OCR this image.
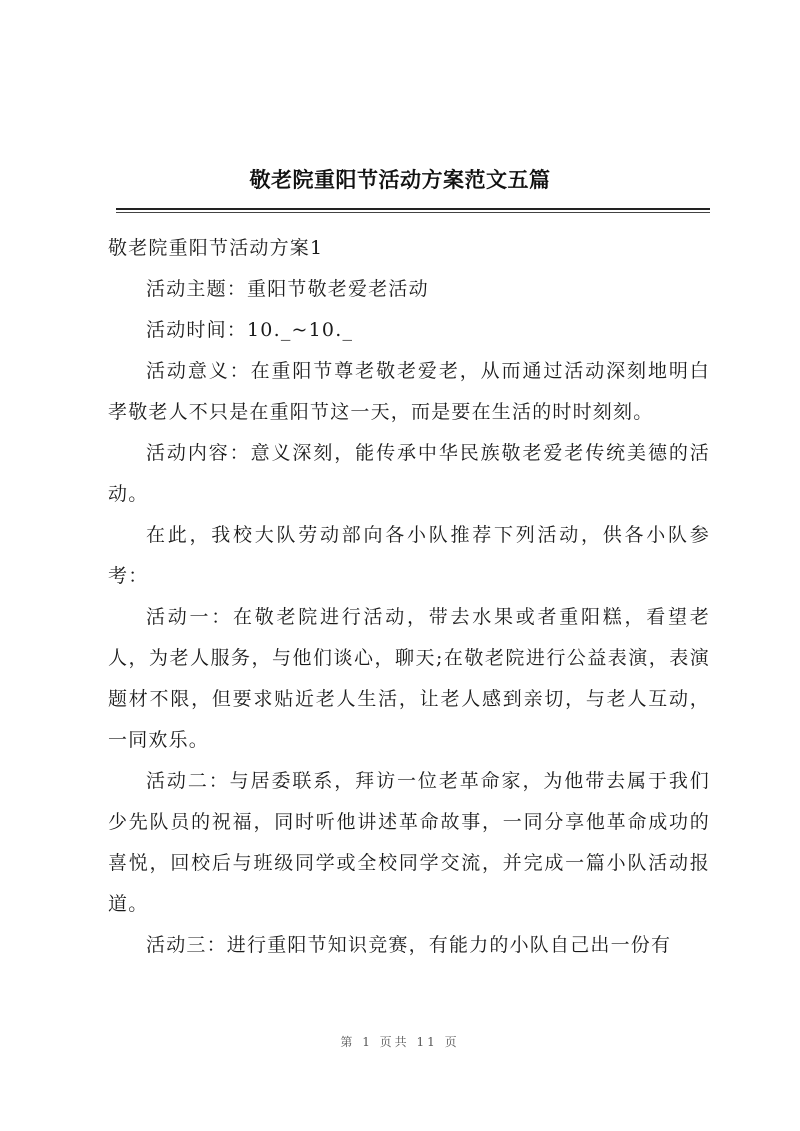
敬老院重阳节活动方案范文五篇

敬老院重阳节活动方案1

活动主题：重阳节敬老爱老活动

活动时间：10._~10._

活动意义：在重阳节尊老敬老爱老，从而通过活动深刻地明白孝敬老人不只是在重阳节这一天，而是要在生活的时时刻刻。

活动内容：意义深刻，能传承中华民族敬老爱老传统美德的活动。

在此，我校大队劳动部向各小队推荐下列活动，供各小队参考：

活动一：在敬老院进行活动，带去水果或者重阳糕，看望老人，为老人服务，与他们谈心，聊天;在敬老院进行公益表演，表演题材不限，但要求贴近老人生活，让老人感到亲切，与老人互动，一同欢乐。

活动二：与居委联系，拜访一位老革命家，为他带去属于我们少先队员的祝福，同时听他讲述革命故事，一同分享他革命成功的喜悦，回校后与班级同学或全校同学交流，并完成一篇小队活动报道。

活动三：进行重阳节知识竞赛，有能力的小队自己出一份有

第 1 页共 11 页
